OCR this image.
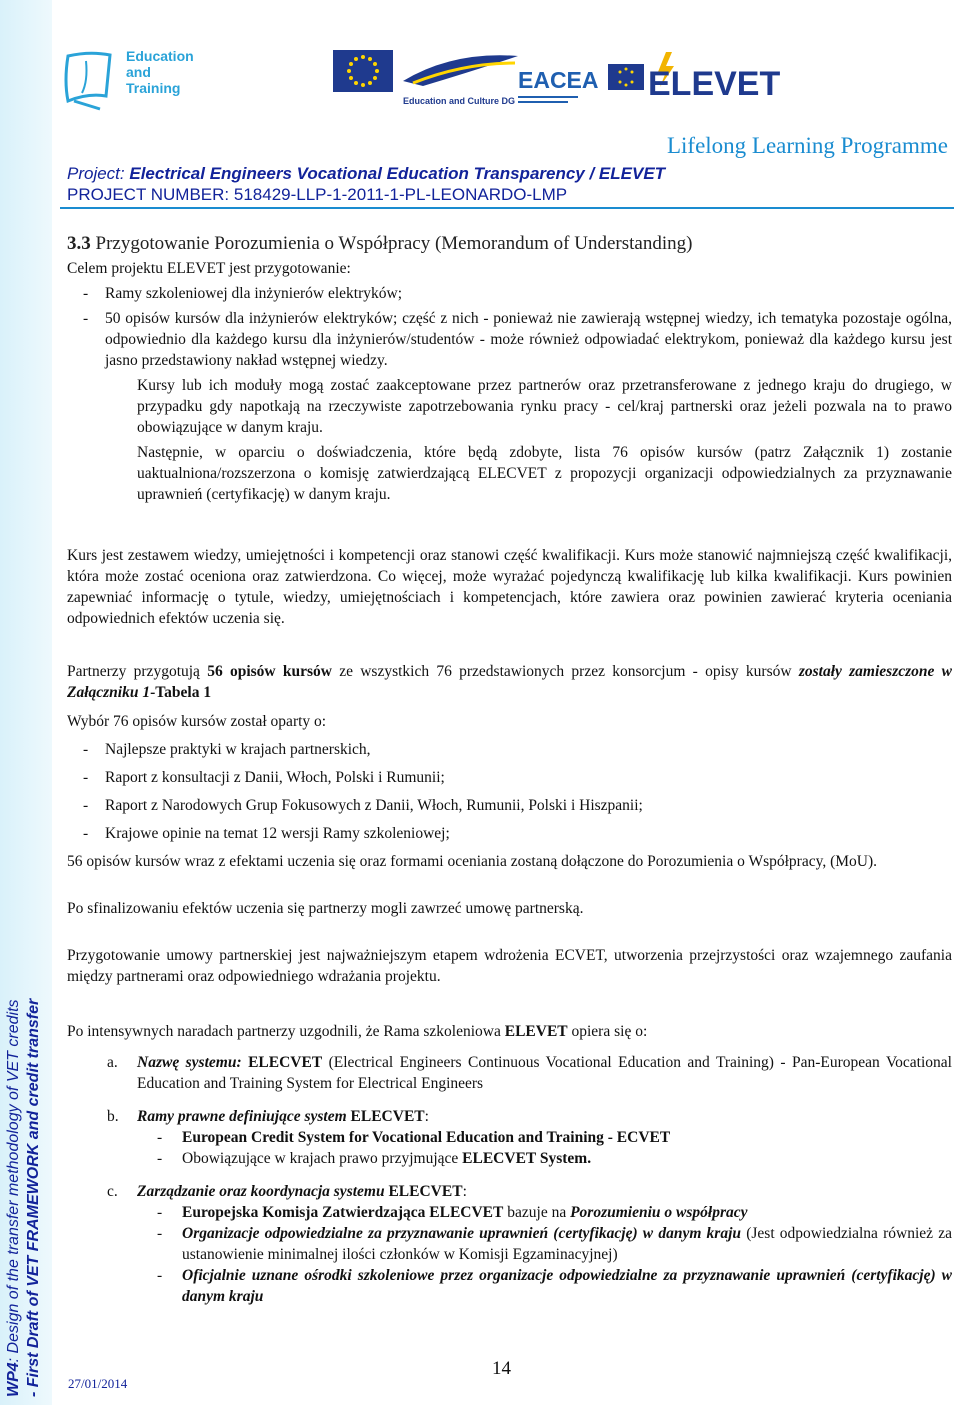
WP4: Design of the transfer methodology of VET credits - First Draft of VET FRAMEWORK and credit transfer
Education
and
Training
Education and Culture DG
EACEA ELEVET
Lifelong Learning Programme
Project: Electrical Engineers Vocational Education Transparency / ELEVET
PROJECT NUMBER: 518429-LLP-1-2011-1-PL-LEONARDO-LMP
3.3 Przygotowanie Porozumienia o Współpracy (Memorandum of Understanding)

Celem projektu ELEVET jest przygotowanie:

- Ramy szkoleniowej dla inżynierów elektryków;

- 50 opisów kursów dla inżynierów elektryków; część z nich - ponieważ nie zawierają wstępnej wiedzy, ich tematyka pozostaje ogólna, odpowiednio dla każdego kursu dla inżynierów/studentów - może również odpowiadać elektrykom, ponieważ dla każdego kursu jest jasno przedstawiony nakład wstępnej wiedzy.

Kursy lub ich moduły mogą zostać zaakceptowane przez partnerów oraz przetransferowane z jednego kraju do drugiego, w przypadku gdy napotkają na rzeczywiste zapotrzebowania rynku pracy - cel/kraj partnerski oraz jeżeli pozwala na to prawo obowiązujące w danym kraju.

Następnie, w oparciu o doświadczenia, które będą zdobyte, lista 76 opisów kursów (patrz Załącznik 1) zostanie uaktualniona/rozszerzona o komisję zatwierdzającą ELECVET z propozycji organizacji odpowiedzialnych za przyznawanie uprawnień (certyfikację) w danym kraju.

Kurs jest zestawem wiedzy, umiejętności i kompetencji oraz stanowi część kwalifikacji. Kurs może stanowić najmniejszą część kwalifikacji, która może zostać oceniona oraz zatwierdzona. Co więcej, może wyrażać pojedynczą kwalifikację lub kilka kwalifikacji. Kurs powinien zapewniać informację o tytule, wiedzy, umiejętnościach i kompetencjach, które zawiera oraz powinien zawierać kryteria oceniania odpowiednich efektów uczenia się.

Partnerzy przygotują 56 opisów kursów ze wszystkich 76 przedstawionych przez konsorcjum - opisy kursów zostały zamieszczone w Załączniku 1-Tabela 1

Wybór 76 opisów kursów został oparty o:

- Najlepsze praktyki w krajach partnerskich,

- Raport z konsultacji z Danii, Włoch, Polski i Rumunii;

- Raport z Narodowych Grup Fokusowych z Danii, Włoch, Rumunii, Polski i Hiszpanii;

- Krajowe opinie na temat 12 wersji Ramy szkoleniowej;

56 opisów kursów wraz z efektami uczenia się oraz formami oceniania zostaną dołączone do Porozumienia o Współpracy, (MoU).

Po sfinalizowaniu efektów uczenia się partnerzy mogli zawrzeć umowę partnerską.

Przygotowanie umowy partnerskiej jest najważniejszym etapem wdrożenia ECVET, utworzenia przejrzystości oraz wzajemnego zaufania między partnerami oraz odpowiedniego wdrażania projektu.

Po intensywnych naradach partnerzy uzgodnili, że Rama szkoleniowa ELEVET opiera się o:

a. Nazwę systemu: ELECVET (Electrical Engineers Continuous Vocational Education and Training) - Pan-European Vocational Education and Training System for Electrical Engineers

b. Ramy prawne definiujące system ELECVET:

- European Credit System for Vocational Education and Training - ECVET

- Obowiązujące w krajach prawo przyjmujące ELECVET System.

c. Zarządzanie oraz koordynacja systemu ELECVET:

- Europejska Komisja Zatwierdzająca ELECVET bazuje na Porozumieniu o współpracy

- Organizacje odpowiedzialne za przyznawanie uprawnień (certyfikację) w danym kraju (Jest odpowiedzialna również za ustanowienie minimalnej ilości członków w Komisji Egzaminacyjnej)

- Oficjalnie uznane ośrodki szkoleniowe przez organizacje odpowiedzialne za przyznawanie uprawnień (certyfikację) w danym kraju

14
27/01/2014
